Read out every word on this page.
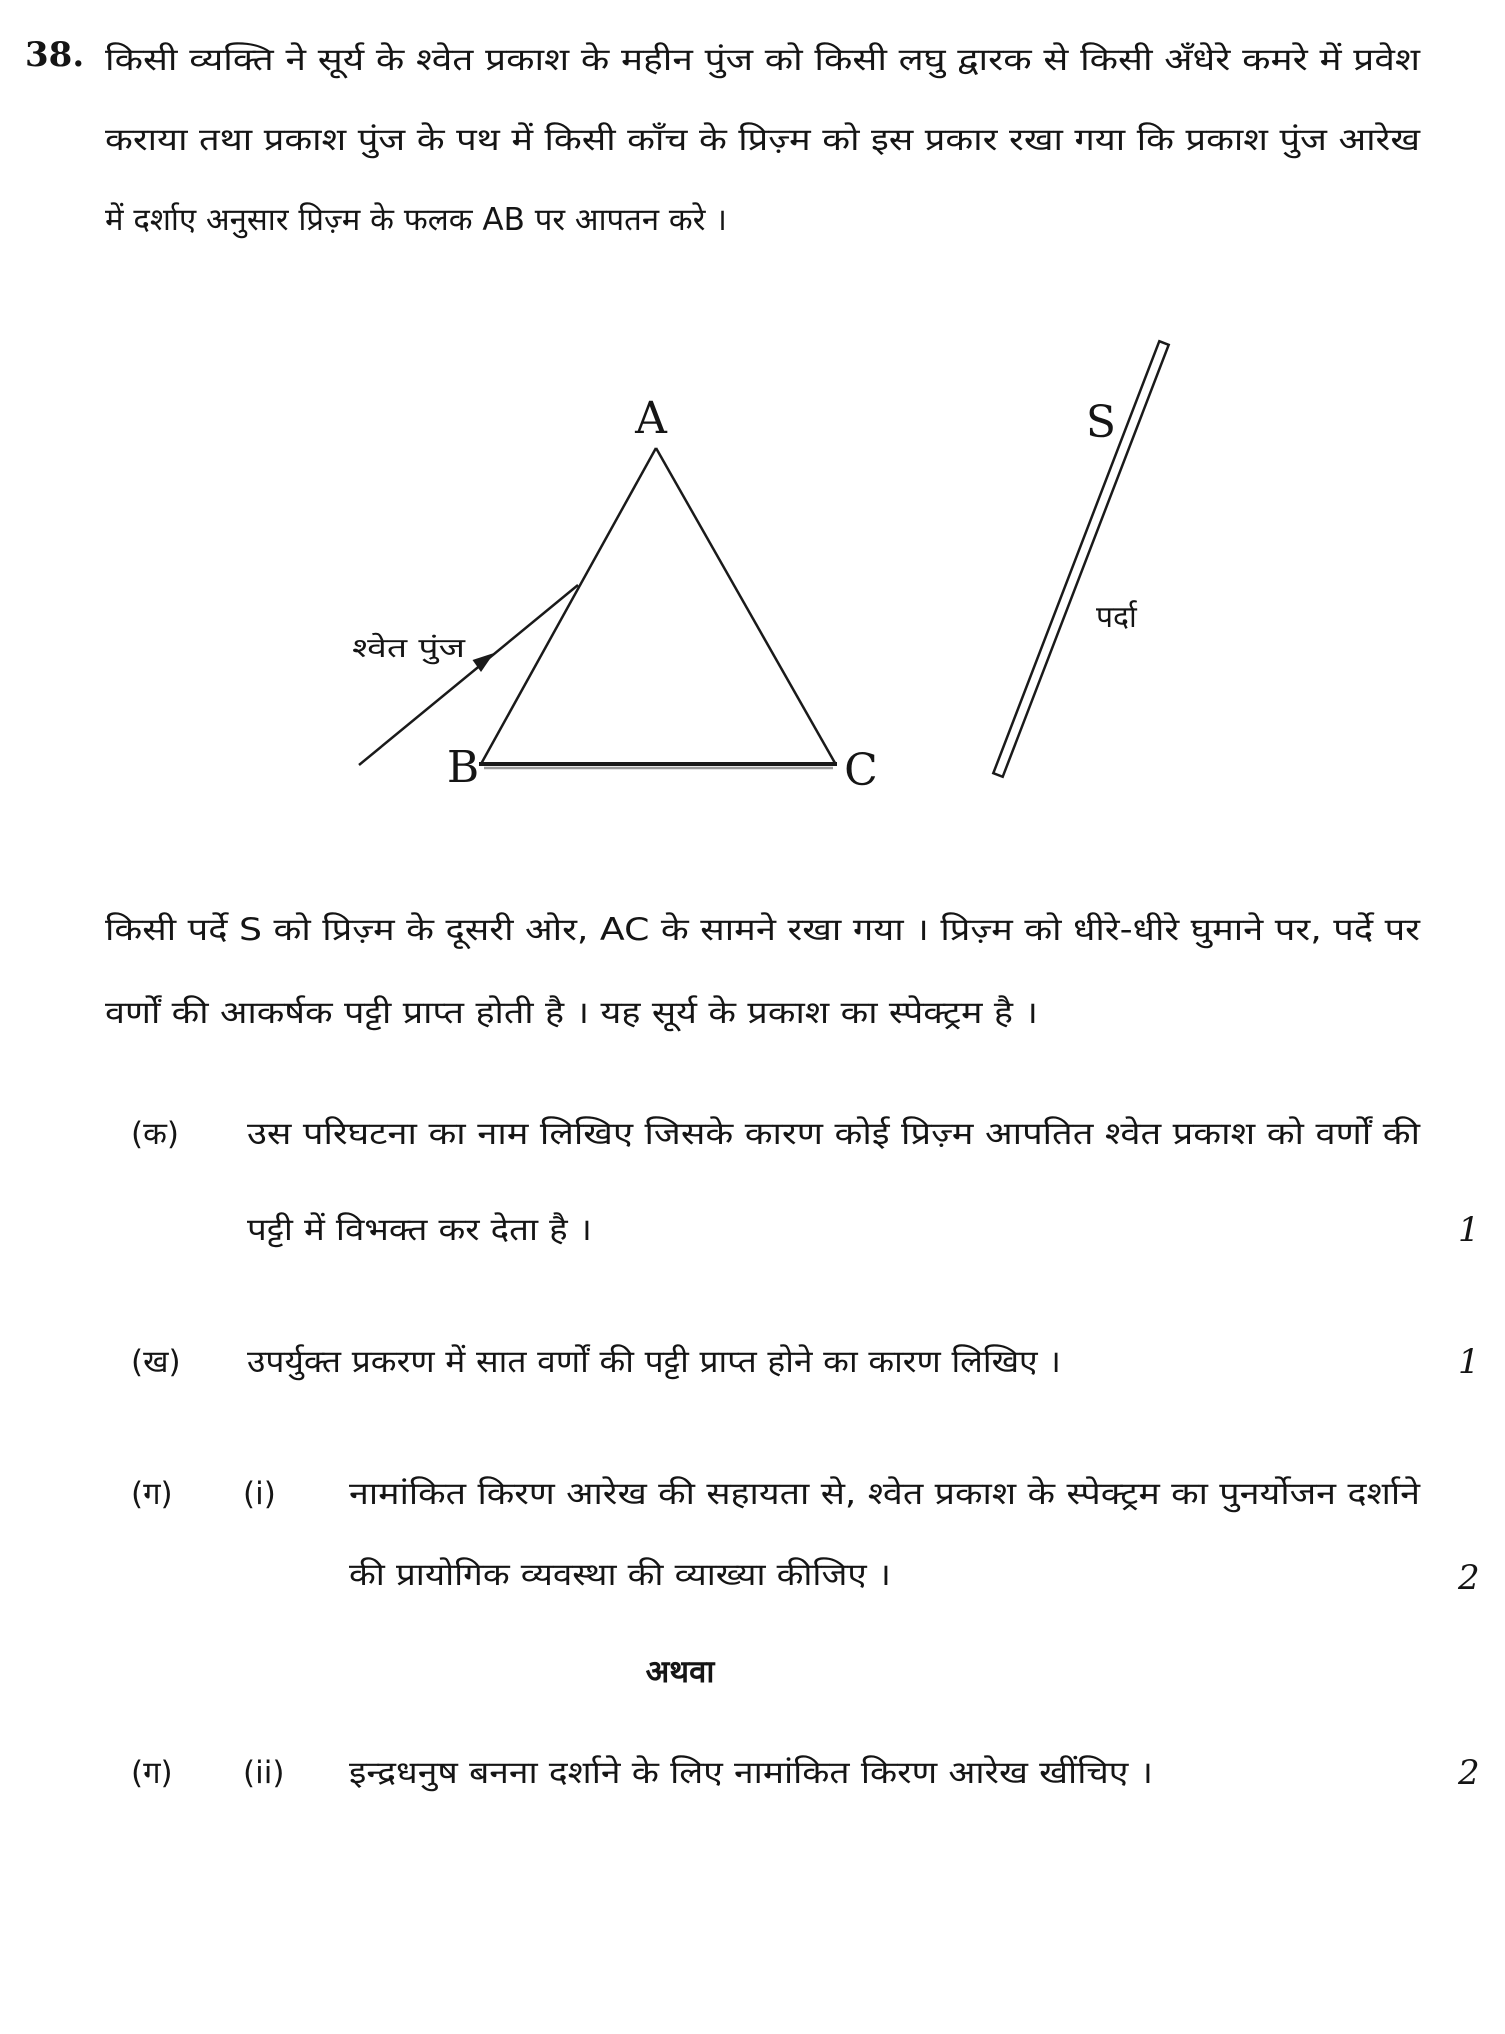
38. किसी व्यक्ति ने सूर्य के श्वेत प्रकाश के महीन पुंज को किसी लघु द्वारक से किसी अँधेरे कमरे में प्रवेश
कराया तथा प्रकाश पुंज के पथ में किसी काँच के प्रिज़्म को इस प्रकार रखा गया कि प्रकाश पुंज आरेख
में दर्शाए अनुसार प्रिज़्म के फलक AB पर आपतन करे ।
A
B	C
S
श्वेत पुंज
पर्दा
किसी पर्दे S को प्रिज़्म के दूसरी ओर, AC के सामने रखा गया । प्रिज़्म को धीरे-धीरे घुमाने पर, पर्दे पर
वर्णों की आकर्षक पट्टी प्राप्त होती है । यह सूर्य के प्रकाश का स्पेक्ट्रम है ।
(क) उस परिघटना का नाम लिखिए जिसके कारण कोई प्रिज़्म आपतित श्वेत प्रकाश को वर्णों की
पट्टी में विभक्त कर देता है ।	1
(ख) उपर्युक्त प्रकरण में सात वर्णों की पट्टी प्राप्त होने का कारण लिखिए ।	1
(ग) (i) नामांकित किरण आरेख की सहायता से, श्वेत प्रकाश के स्पेक्ट्रम का पुनर्योजन दर्शाने
की प्रायोगिक व्यवस्था की व्याख्या कीजिए ।	2
अथवा
(ग) (ii) इन्द्रधनुष बनना दर्शाने के लिए नामांकित किरण आरेख खींचिए ।	2
